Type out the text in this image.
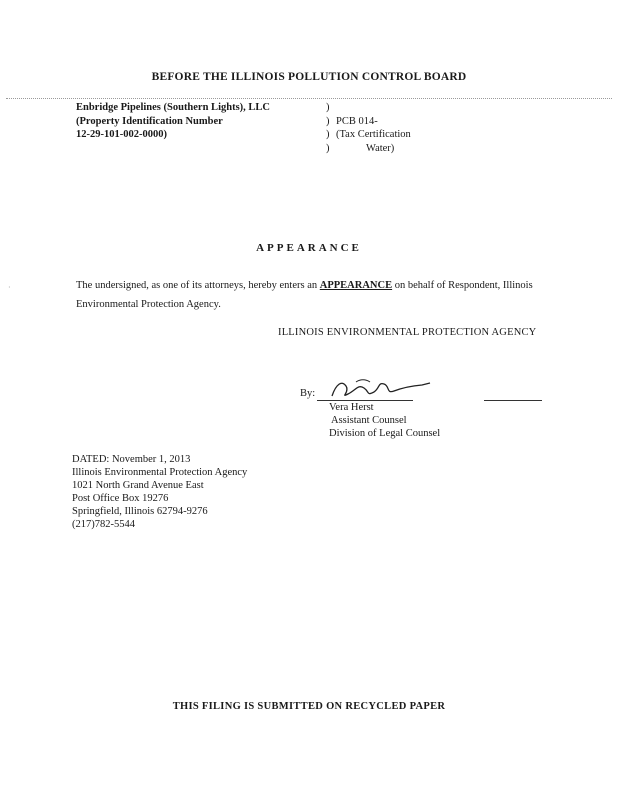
BEFORE THE ILLINOIS POLLUTION CONTROL BOARD
Enbridge Pipelines (Southern Lights), LLC
(Property Identification Number
12-29-101-002-0000)
)
) PCB 014-
) (Tax Certification
)	Water)
APPEARANCE
The undersigned, as one of its attorneys, hereby enters an APPEARANCE on behalf of Respondent, Illinois Environmental Protection Agency.
·
ILLINOIS ENVIRONMENTAL PROTECTION AGENCY
By:
Vera Herst
Assistant Counsel
Division of Legal Counsel
DATED: November 1, 2013
Illinois Environmental Protection Agency
1021 North Grand Avenue East
Post Office Box 19276
Springfield, Illinois 62794-9276
(217)782-5544
THIS FILING IS SUBMITTED ON RECYCLED PAPER
